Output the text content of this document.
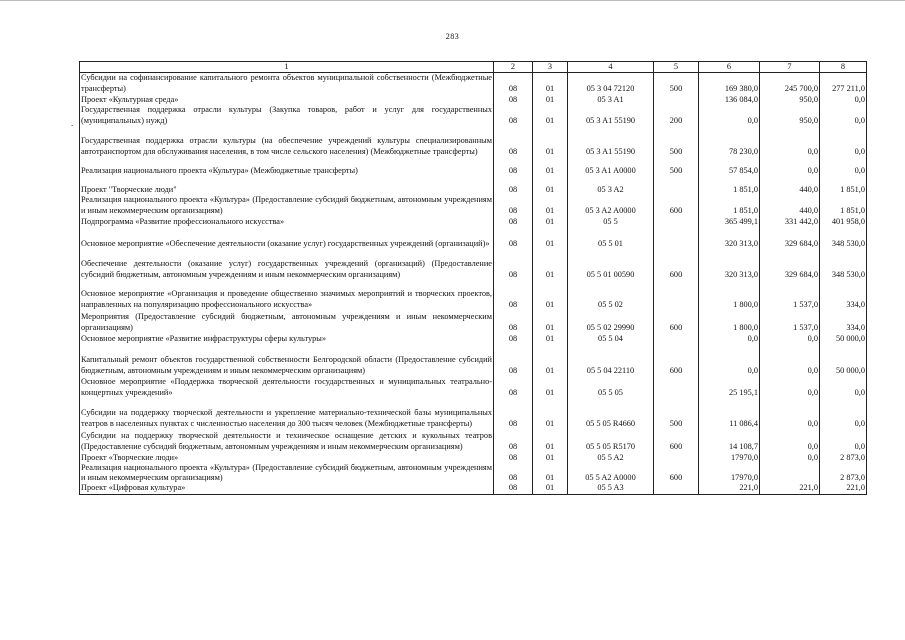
283
.
1	2	3	4	5	6	7	8
Субсидии на софинансирование капитального ремонта объектов муниципальной собственности (Межбюджетные трансферты)	08	01	05 3 04 72120	500	169 380,0	245 700,0	277 211,0
Проект «Культурная среда»	08	01	05 3 A1		136 084,0	950,0	0,0
Государственная поддержка отрасли культуры (Закупка товаров, работ и услуг для государственных (муниципальных) нужд)	08	01	05 3 A1 55190	200	0,0	950,0	0,0
Государственная поддержка отрасли культуры (на обеспечение учреждений культуры специализированным автотранспортом для обслуживания населения, в том числе сельского населения) (Межбюджетные трансферты)	08	01	05 3 A1 55190	500	78 230,0	0,0	0,0
Реализация национального проекта «Культура» (Межбюджетные трансферты)	08	01	05 3 A1 A0000	500	57 854,0	0,0	0,0
Проект "Творческие люди"	08	01	05 3 A2		1 851,0	440,0	1 851,0
Реализация национального проекта «Культура» (Предоставление субсидий бюджетным, автономным учреждениям и иным некоммерческим организациям)	08	01	05 3 A2 A0000	600	1 851,0	440,0	1 851,0
Подпрограмма «Развитие профессионального искусства»	08	01	05 5		365 499,1	331 442,0	401 958,0
Основное мероприятие «Обеспечение деятельности (оказание услуг) государственных учреждений (организаций)»	08	01	05 5 01		320 313,0	329 684,0	348 530,0
Обеспечение деятельности (оказание услуг) государственных учреждений (организаций) (Предоставление субсидий бюджетным, автономным учреждениям и иным некоммерческим организациям)	08	01	05 5 01 00590	600	320 313,0	329 684,0	348 530,0
Основное мероприятие «Организация и проведение общественно значимых мероприятий и творческих проектов, направленных на популяризацию профессионального искусства»	08	01	05 5 02		1 800,0	1 537,0	334,0
Мероприятия (Предоставление субсидий бюджетным, автономным учреждениям и иным некоммерческим организациям)	08	01	05 5 02 29990	600	1 800,0	1 537,0	334,0
Основное мероприятие «Развитие инфраструктуры сферы культуры»	08	01	05 5 04		0,0	0,0	50 000,0
Капитальный ремонт объектов государственной собственности Белгородской области (Предоставление субсидий бюджетным, автономным учреждениям и иным некоммерческим организациям)	08	01	05 5 04 22110	600	0,0	0,0	50 000,0
Основное мероприятие «Поддержка творческой деятельности государственных и муниципальных театрально-концертных учреждений»	08	01	05 5 05		25 195,1	0,0	0,0
Субсидии на поддержку творческой деятельности и укрепление материально-технической базы муниципальных театров в населенных пунктах с численностью населения до 300 тысяч человек (Межбюджетные трансферты)	08	01	05 5 05 R4660	500	11 086,4	0,0	0,0
Субсидии на поддержку творческой деятельности и техническое оснащение детских и кукольных театров (Предоставление субсидий бюджетным, автономным учреждениям и иным некоммерческим организациям)	08	01	05 5 05 R5170	600	14 108,7	0,0	0,0
Проект «Творческие люди»	08	01	05 5 A2		17970,0	0,0	2 873,0
Реализация национального проекта «Культура» (Предоставление субсидий бюджетным, автономным учреждениям и иным некоммерческим организациям)	08	01	05 5 A2 A0000	600	17970,0		2 873,0
Проект «Цифровая культура»	08	01	05 5 A3		221,0	221,0	221,0
